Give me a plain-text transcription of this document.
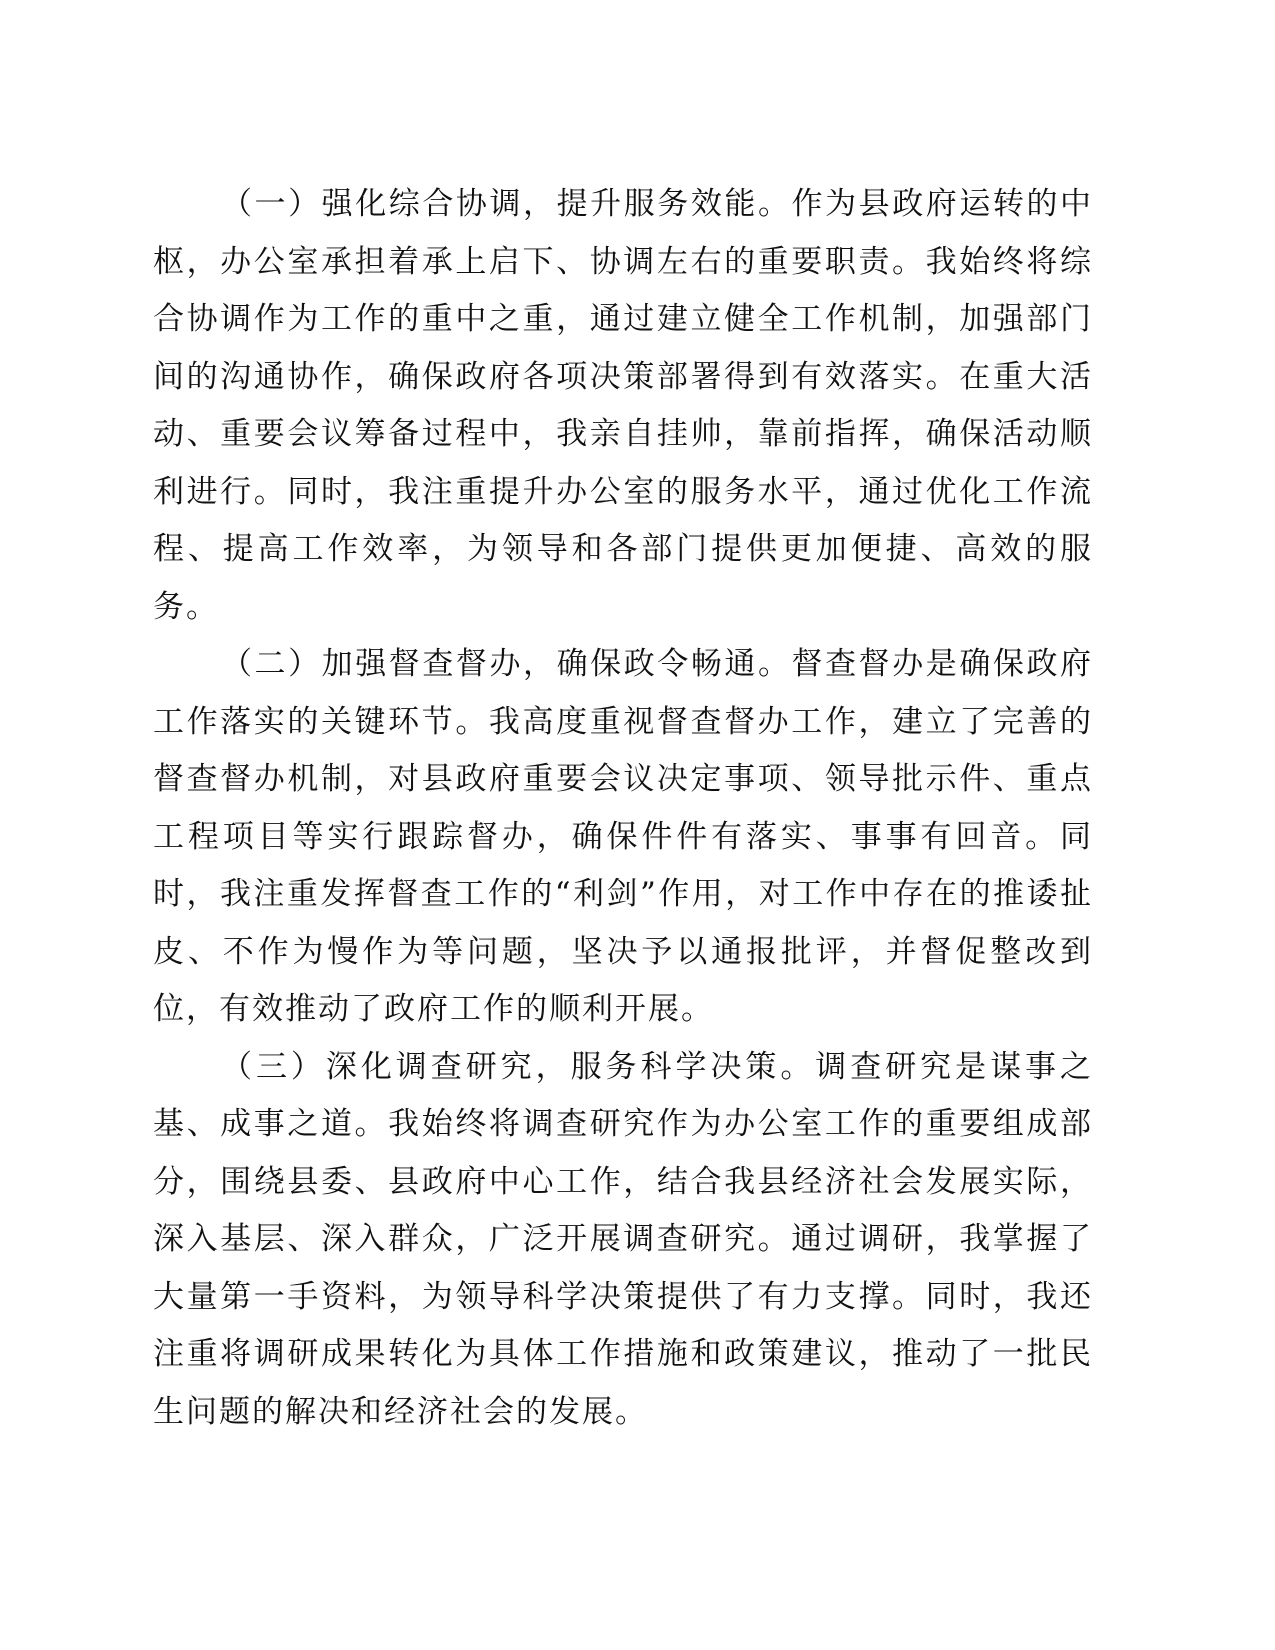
（一）强化综合协调，提升服务效能。作为县政府运转的中枢，办公室承担着承上启下、协调左右的重要职责。我始终将综合协调作为工作的重中之重，通过建立健全工作机制，加强部门间的沟通协作，确保政府各项决策部署得到有效落实。在重大活动、重要会议筹备过程中，我亲自挂帅，靠前指挥，确保活动顺利进行。同时，我注重提升办公室的服务水平，通过优化工作流程、提高工作效率，为领导和各部门提供更加便捷、高效的服务。

（二）加强督查督办，确保政令畅通。督查督办是确保政府工作落实的关键环节。我高度重视督查督办工作，建立了完善的督查督办机制，对县政府重要会议决定事项、领导批示件、重点工程项目等实行跟踪督办，确保件件有落实、事事有回音。同时，我注重发挥督查工作的“利剑”作用，对工作中存在的推诿扯皮、不作为慢作为等问题，坚决予以通报批评，并督促整改到位，有效推动了政府工作的顺利开展。

（三）深化调查研究，服务科学决策。调查研究是谋事之基、成事之道。我始终将调查研究作为办公室工作的重要组成部分，围绕县委、县政府中心工作，结合我县经济社会发展实际，深入基层、深入群众，广泛开展调查研究。通过调研，我掌握了大量第一手资料，为领导科学决策提供了有力支撑。同时，我还注重将调研成果转化为具体工作措施和政策建议，推动了一批民生问题的解决和经济社会的发展。
